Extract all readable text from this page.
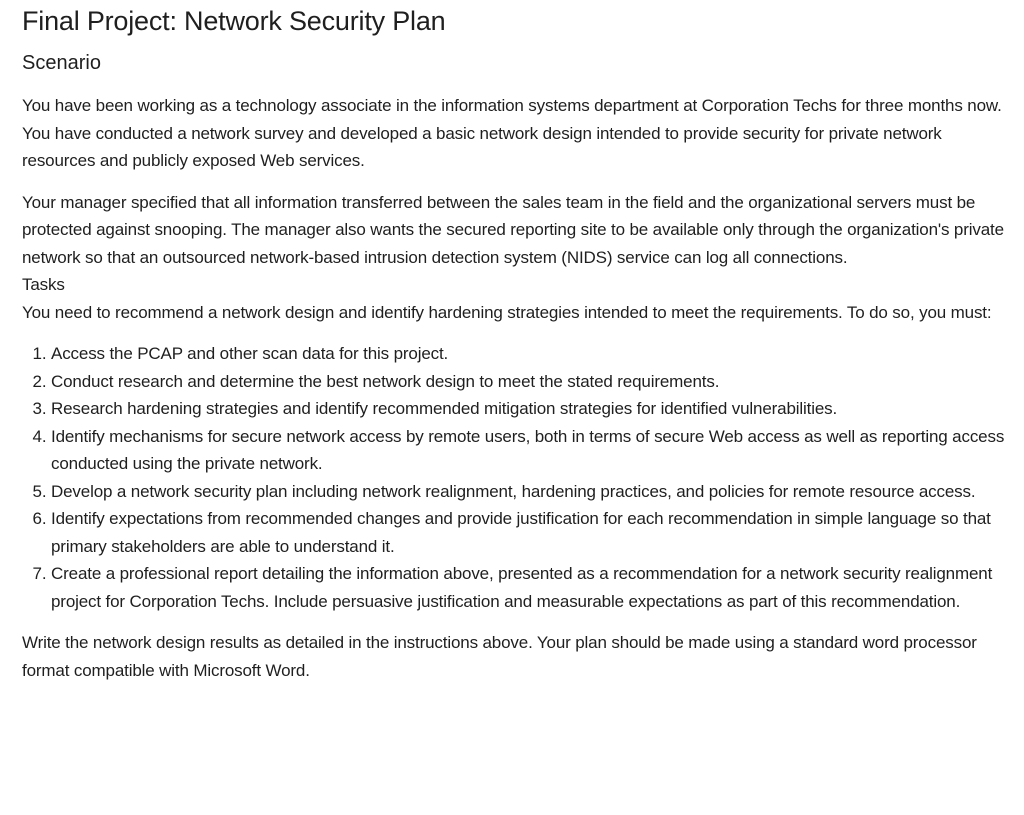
Final Project: Network Security Plan
Scenario

You have been working as a technology associate in the information systems department at Corporation Techs for three months now. You have conducted a network survey and developed a basic network design intended to provide security for private network resources and publicly exposed Web services.

Your manager specified that all information transferred between the sales team in the field and the organizational servers must be protected against snooping. The manager also wants the secured reporting site to be available only through the organization's private network so that an outsourced network-based intrusion detection system (NIDS) service can log all connections.

Tasks

You need to recommend a network design and identify hardening strategies intended to meet the requirements. To do so, you must:

1. Access the PCAP and other scan data for this project.
2. Conduct research and determine the best network design to meet the stated requirements.
3. Research hardening strategies and identify recommended mitigation strategies for identified vulnerabilities.
4. Identify mechanisms for secure network access by remote users, both in terms of secure Web access as well as reporting access conducted using the private network.
5. Develop a network security plan including network realignment, hardening practices, and policies for remote resource access.
6. Identify expectations from recommended changes and provide justification for each recommendation in simple language so that primary stakeholders are able to understand it.
7. Create a professional report detailing the information above, presented as a recommendation for a network security realignment project for Corporation Techs. Include persuasive justification and measurable expectations as part of this recommendation.

Write the network design results as detailed in the instructions above. Your plan should be made using a standard word processor format compatible with Microsoft Word.
